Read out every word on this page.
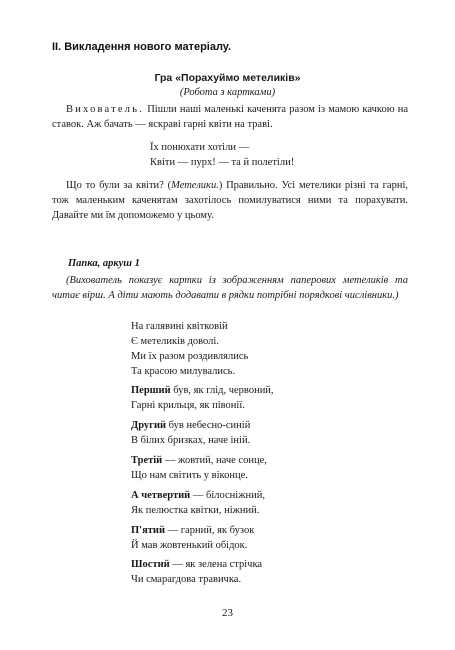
II. Викладення нового матеріалу.
Гра «Порахуймо метеликів»
(Робота з картками)
Вихователь. Пішли наші маленькі каченята разом із мамою качкою на ставок. Аж бачать — яскраві гарні квіти на траві.
Їх понюхати хотіли —
Квіти — пурх! — та й полетіли!
Що то були за квіти? (Метелики.) Правильно. Усі метелики різні та гарні, тож маленьким каченятам захотілось помилуватися ними та порахувати. Давайте ми їм допоможемо у цьому.
Папка, аркуш 1
(Вихователь показує картки із зображенням паперових метеликів та читає вірш. А діти мають додавати в рядки потрібні порядкові числівники.)
На галявині квітковій
Є метеликів доволі.
Ми їх разом роздивлялись
Та красою милувались.
Перший був, як глід, червоний,
Гарні крильця, як півонії.
Другий був небесно-синій
В білих бризках, наче іній.
Третій — жовтий, наче сонце,
Що нам світить у віконце.
А четвертий — білосніжний,
Як пелюстка квітки, ніжний.
П'ятий — гарний, як бузок
Й мав жовтенький обідок.
Шостий — як зелена стрічка
Чи смарагдова травичка.
23
